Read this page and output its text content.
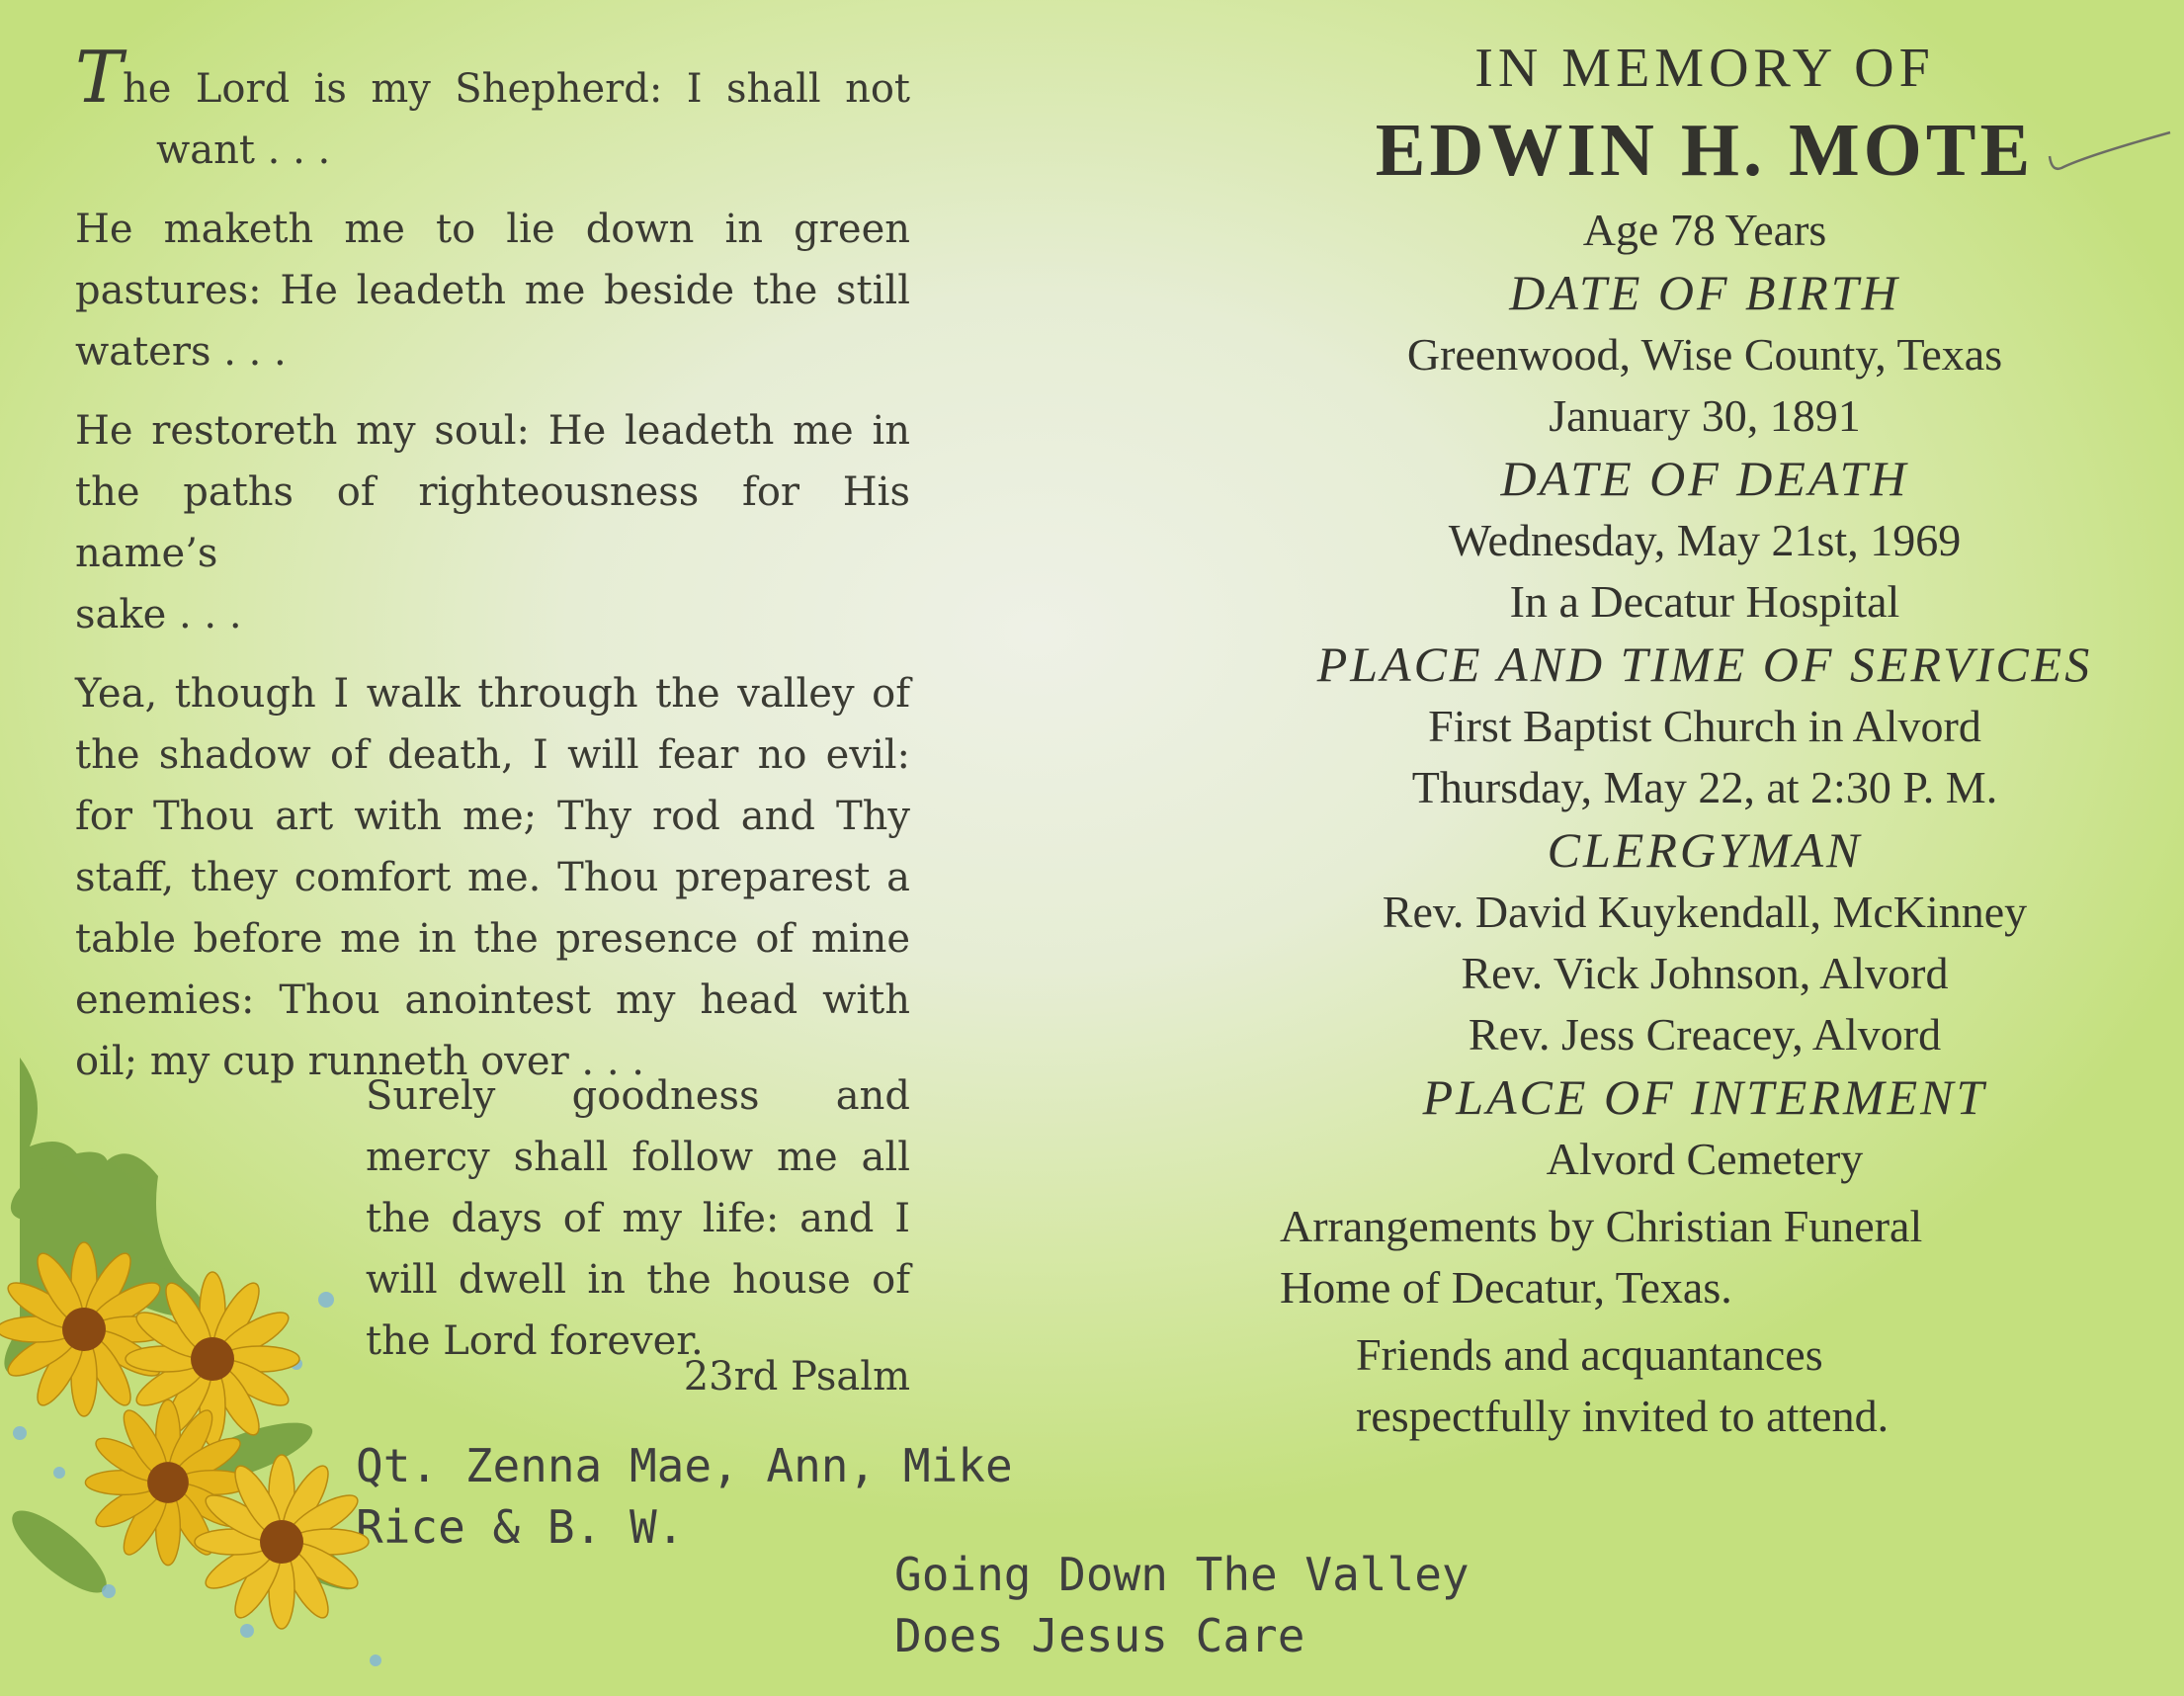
The Lord is my Shepherd: I shall not
want . . .
He maketh me to lie down in green pastures: He leadeth me beside the still
waters . . .
He restoreth my soul: He leadeth me in the paths of righteousness for His name’s
sake . . .
Yea, though I walk through the valley of the shadow of death, I will fear no evil: for Thou art with me; Thy rod and Thy staff, they comfort me. Thou preparest a table before me in the presence of mine enemies: Thou anointest my head with
oil; my cup runneth over . . .
Surely goodness and mercy shall follow me all the days of my life: and I will dwell in the house of the Lord forever.
23rd Psalm
Qt. Zenna Mae, Ann, Mike
Rice & B. W.
Going Down The Valley
Does Jesus Care
IN MEMORY OF
EDWIN H. MOTE
Age 78 Years
DATE OF BIRTH
Greenwood, Wise County, Texas
January 30, 1891
DATE OF DEATH
Wednesday, May 21st, 1969
In a Decatur Hospital
PLACE AND TIME OF SERVICES
First Baptist Church in Alvord
Thursday, May 22, at 2:30 P. M.
CLERGYMAN
Rev. David Kuykendall, McKinney
Rev. Vick Johnson, Alvord
Rev. Jess Creacey, Alvord
PLACE OF INTERMENT
Alvord Cemetery
Arrangements by Christian Funeral
Home of Decatur, Texas.
Friends and acquantances
respectfully invited to attend.
